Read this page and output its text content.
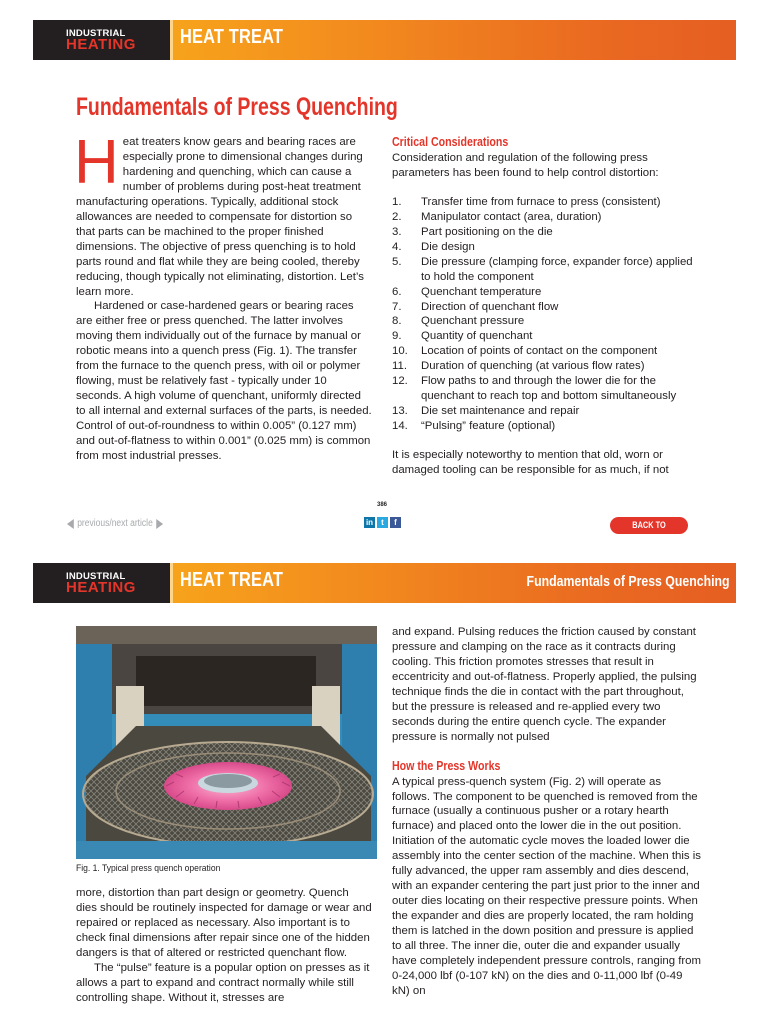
INDUSTRIAL
HEATING HEAT TREAT
Fundamentals of Press Quenching

Heat treaters know gears and bearing races are especially prone to dimensional changes during hardening and quenching, which can cause a number of problems during post-heat treatment manufacturing operations. Typically, additional stock allowances are needed to compensate for distortion so that parts can be machined to the proper finished dimensions. The objective of press quenching is to hold parts round and flat while they are being cooled, thereby reducing, though typically not eliminating, distortion. Let’s learn more.

Hardened or case-hardened gears or bearing races are either free or press quenched. The latter involves moving them individually out of the furnace by manual or robotic means into a quench press (Fig. 1). The transfer from the furnace to the quench press, with oil or polymer flowing, must be relatively fast - typically under 10 seconds. A high volume of quenchant, uniformly directed to all internal and external surfaces of the parts, is needed. Control of out-of-roundness to within 0.005” (0.127 mm) and out-of-flatness to within 0.001” (0.025 mm) is common from most industrial presses.

Critical Considerations

Consideration and regulation of the following press parameters has been found to help control distortion:

1.	Transfer time from furnace to press (consistent)
2.	Manipulator contact (area, duration)
3.	Part positioning on the die
4.	Die design
5.	Die pressure (clamping force, expander force) applied to hold the component
6.	Quenchant temperature
7.	Direction of quenchant flow
8.	Quenchant pressure
9.	Quantity of quenchant
10.	Location of points of contact on the component
11.	Duration of quenching (at various flow rates)
12.	Flow paths to and through the lower die for the quenchant to reach top and bottom simultaneously
13.	Die set maintenance and repair
14.	“Pulsing” feature (optional)

It is especially noteworthy to mention that old, worn or damaged tooling can be responsible for as much, if not

386
in	t	f
previous/next article	BACK TO CONTENTS
INDUSTRIAL
HEATING HEAT TREAT	Fundamentals of Press Quenching
Fig. 1. Typical press quench operation

more, distortion than part design or geometry. Quench dies should be routinely inspected for damage or wear and repaired or replaced as necessary. Also important is to check final dimensions after repair since one of the hidden dangers is that of altered or restricted quenchant flow.

The “pulse” feature is a popular option on presses as it allows a part to expand and contract normally while still controlling shape. Without it, stresses are

and expand. Pulsing reduces the friction caused by constant pressure and clamping on the race as it contracts during cooling. This friction promotes stresses that result in eccentricity and out-of-flatness. Properly applied, the pulsing technique finds the die in contact with the part throughout, but the pressure is released and re-applied every two seconds during the entire quench cycle. The expander pressure is normally not pulsed

How the Press Works

A typical press-quench system (Fig. 2) will operate as follows. The component to be quenched is removed from the furnace (usually a continuous pusher or a rotary hearth furnace) and placed onto the lower die in the out position. Initiation of the automatic cycle moves the loaded lower die assembly into the center section of the machine. When this is fully advanced, the upper ram assembly and dies descend, with an expander centering the part just prior to the inner and outer dies locating on their respective pressure points. When the expander and dies are properly located, the ram holding them is latched in the down position and pressure is applied to all three. The inner die, outer die and expander usually have completely independent pressure controls, ranging from 0-24,000 lbf (0-107 kN) on the dies and 0-11,000 lbf (0-49 kN) on
